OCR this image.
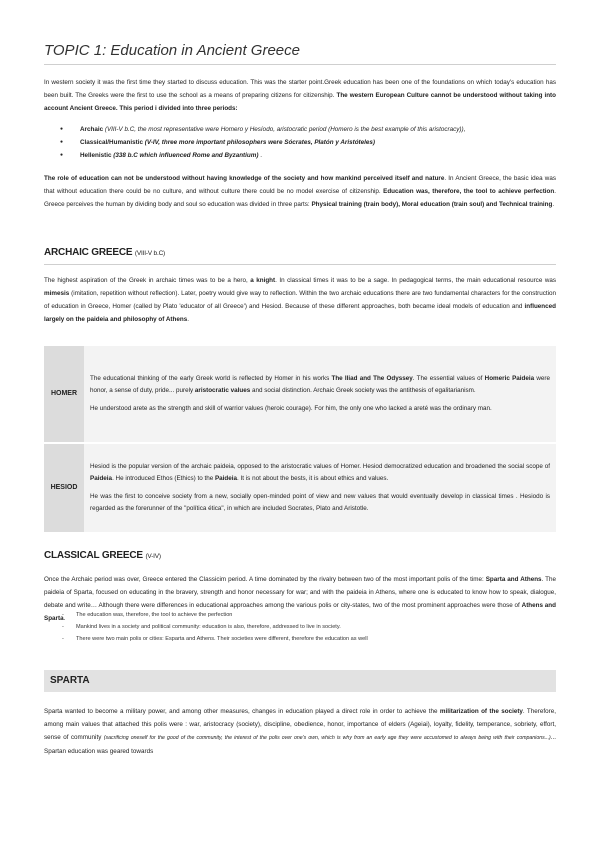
TOPIC 1: Education in Ancient Greece

In western society it was the first time they started to discuss education. This was the starter point.Greek education has been one of the foundations on which today's education has been built. The Greeks were the first to use the school as a means of preparing citizens for citizenship. The western European Culture cannot be understood without taking into account Ancient Greece. This period i divided into three periods:

● Archaic (VIII-V b.C, the most representative were Homero y Hesíodo, aristocratic period (Homero is the best example of this aristocracy)),
● Classical/Humanistic (V-IV, three more important philosophers were Sócrates, Platón y Aristóteles)
● Hellenistic (338 b.C which influenced Rome and Byzantium) .

The role of education can not be understood without having knowledge of the society and how mankind perceived itself and nature. In Ancient Greece, the basic idea was that without education there could be no culture, and without culture there could be no model exercise of citizenship. Education was, therefore, the tool to achieve perfection. Greece perceives the human by dividing body and soul so education was divided in three parts: Physical training (train body), Moral education (train soul) and Technical training.

ARCHAIC GREECE (VIII-V b.C)

The highest aspiration of the Greek in archaic times was to be a hero, a knight. In classical times it was to be a sage. In pedagogical terms, the main educational resource was mimesis (imitation, repetition without reflection). Later, poetry would give way to reflection. Within the two archaic educations there are two fundamental characters for the construction of education in Greece, Homer (called by Plato 'educator of all Greece') and Hesiod. Because of these different approaches, both became ideal models of education and influenced largely on the paideia and philosophy of Athens.

HOMER	The educational thinking of the early Greek world is reflected by Homer in his works The Iliad and The Odyssey. The essential values of Homeric Paideia were honor, a sense of duty, pride... purely aristocratic values and social distinction. Archaic Greek society was the antithesis of egalitarianism.

He understood arete as the strength and skill of warrior values (heroic courage). For him, the only one who lacked a areté was the ordinary man.

HESIOD	Hesiod is the popular version of the archaic paideia, opposed to the aristocratic values of Homer. Hesiod democratized education and broadened the social scope of Paideia. He introduced Ethos (Ethics) to the Paideia. It is not about the bests, it is about ethics and values.

He was the first to conceive society from a new, socially open-minded point of view and new values that would eventually develop in classical times . Hesiodo is regarded as the forerunner of the "política ética", in which are included Socrates, Plato and Aristotle.

CLASSICAL GREECE (V-IV)

Once the Archaic period was over, Greece entered the Classicim period. A time dominated by the rivalry between two of the most important polis of the time: Sparta and Athens. The paideia of Sparta, focused on educating in the bravery, strength and honor necessary for war; and with the paideia in Athens, where one is educated to know how to speak, dialogue, debate and write… Although there were differences in educational approaches among the various polis or city-states, two of the most prominent approaches were those of Athens and Sparta.	- The education was, therefore, the tool to achieve the perfection
- Mankind lives in a society and political community: education is also, therefore, addressed to live in society.
- There were two main polis or cities: Esparta and Athens. Their societies were different, therefore the education as well
SPARTA

Sparta wanted to become a military power, and among other measures, changes in education played a direct role in order to achieve the militarization of the society. Therefore, among main values that attached this polis were : war, aristocracy (society), discipline, obedience, honor, importance of elders (Ageiai), loyalty, fidelity, temperance, sobriety, effort, sense of community (sacrificing oneself for the good of the community, the interest of the polis over one's own, which is why from an early age they were accustomed to always being with their companions...)... Spartan education was geared towards
